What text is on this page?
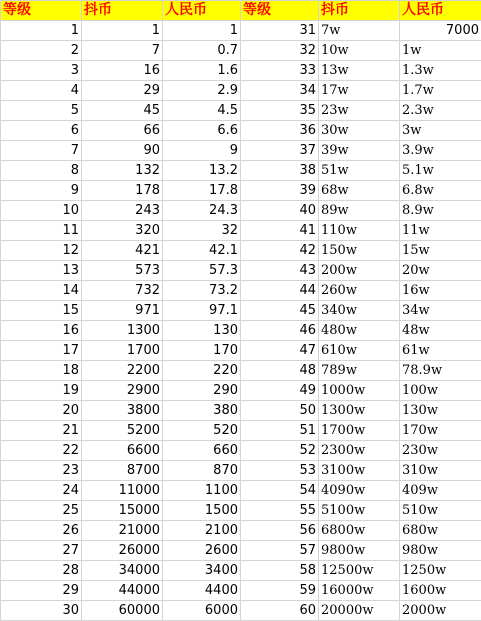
等级	抖币	人民币	等级	抖币	人民币
1	1	1	31	7w	7000
2	7	0.7	32	10w	1w
3	16	1.6	33	13w	1.3w
4	29	2.9	34	17w	1.7w
5	45	4.5	35	23w	2.3w
6	66	6.6	36	30w	3w
7	90	9	37	39w	3.9w
8	132	13.2	38	51w	5.1w
9	178	17.8	39	68w	6.8w
10	243	24.3	40	89w	8.9w
11	320	32	41	110w	11w
12	421	42.1	42	150w	15w
13	573	57.3	43	200w	20w
14	732	73.2	44	260w	16w
15	971	97.1	45	340w	34w
16	1300	130	46	480w	48w
17	1700	170	47	610w	61w
18	2200	220	48	789w	78.9w
19	2900	290	49	1000w	100w
20	3800	380	50	1300w	130w
21	5200	520	51	1700w	170w
22	6600	660	52	2300w	230w
23	8700	870	53	3100w	310w
24	11000	1100	54	4090w	409w
25	15000	1500	55	5100w	510w
26	21000	2100	56	6800w	680w
27	26000	2600	57	9800w	980w
28	34000	3400	58	12500w	1250w
29	44000	4400	59	16000w	1600w
30	60000	6000	60	20000w	2000w
